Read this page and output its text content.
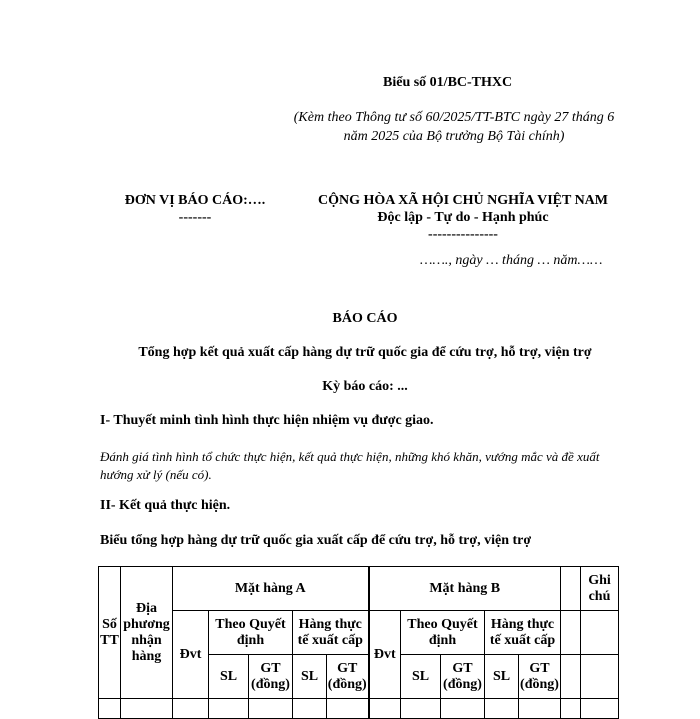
Biểu số 01/BC-THXC
(Kèm theo Thông tư số 60/2025/TT-BTC ngày 27 tháng 6
năm 2025 của Bộ trưởng Bộ Tài chính)
ĐƠN VỊ BÁO CÁO:….
-------
CỘNG HÒA XÃ HỘI CHỦ NGHĨA VIỆT NAM
Độc lập - Tự do - Hạnh phúc
---------------
……., ngày … tháng … năm……
BÁO CÁO
Tổng hợp kết quả xuất cấp hàng dự trữ quốc gia để cứu trợ, hỗ trợ, viện trợ
Kỳ báo cáo: ...
I- Thuyết minh tình hình thực hiện nhiệm vụ được giao.
Đánh giá tình hình tổ chức thực hiện, kết quả thực hiện, những khó khăn, vướng mắc và đề xuất hướng xử lý (nếu có).
II- Kết quả thực hiện.
Biểu tổng hợp hàng dự trữ quốc gia xuất cấp để cứu trợ, hỗ trợ, viện trợ
Số TT	Địa phương nhận hàng	Mặt hàng A					Mặt hàng B						Ghi chú
		Đvt	Theo Quyết định		Hàng thực tế xuất cấp		Đvt	Theo Quyết định		Hàng thực tế xuất cấp			
			SL	GT (đồng)	SL	GT (đồng)		SL	GT (đồng)	SL	GT (đồng)		
